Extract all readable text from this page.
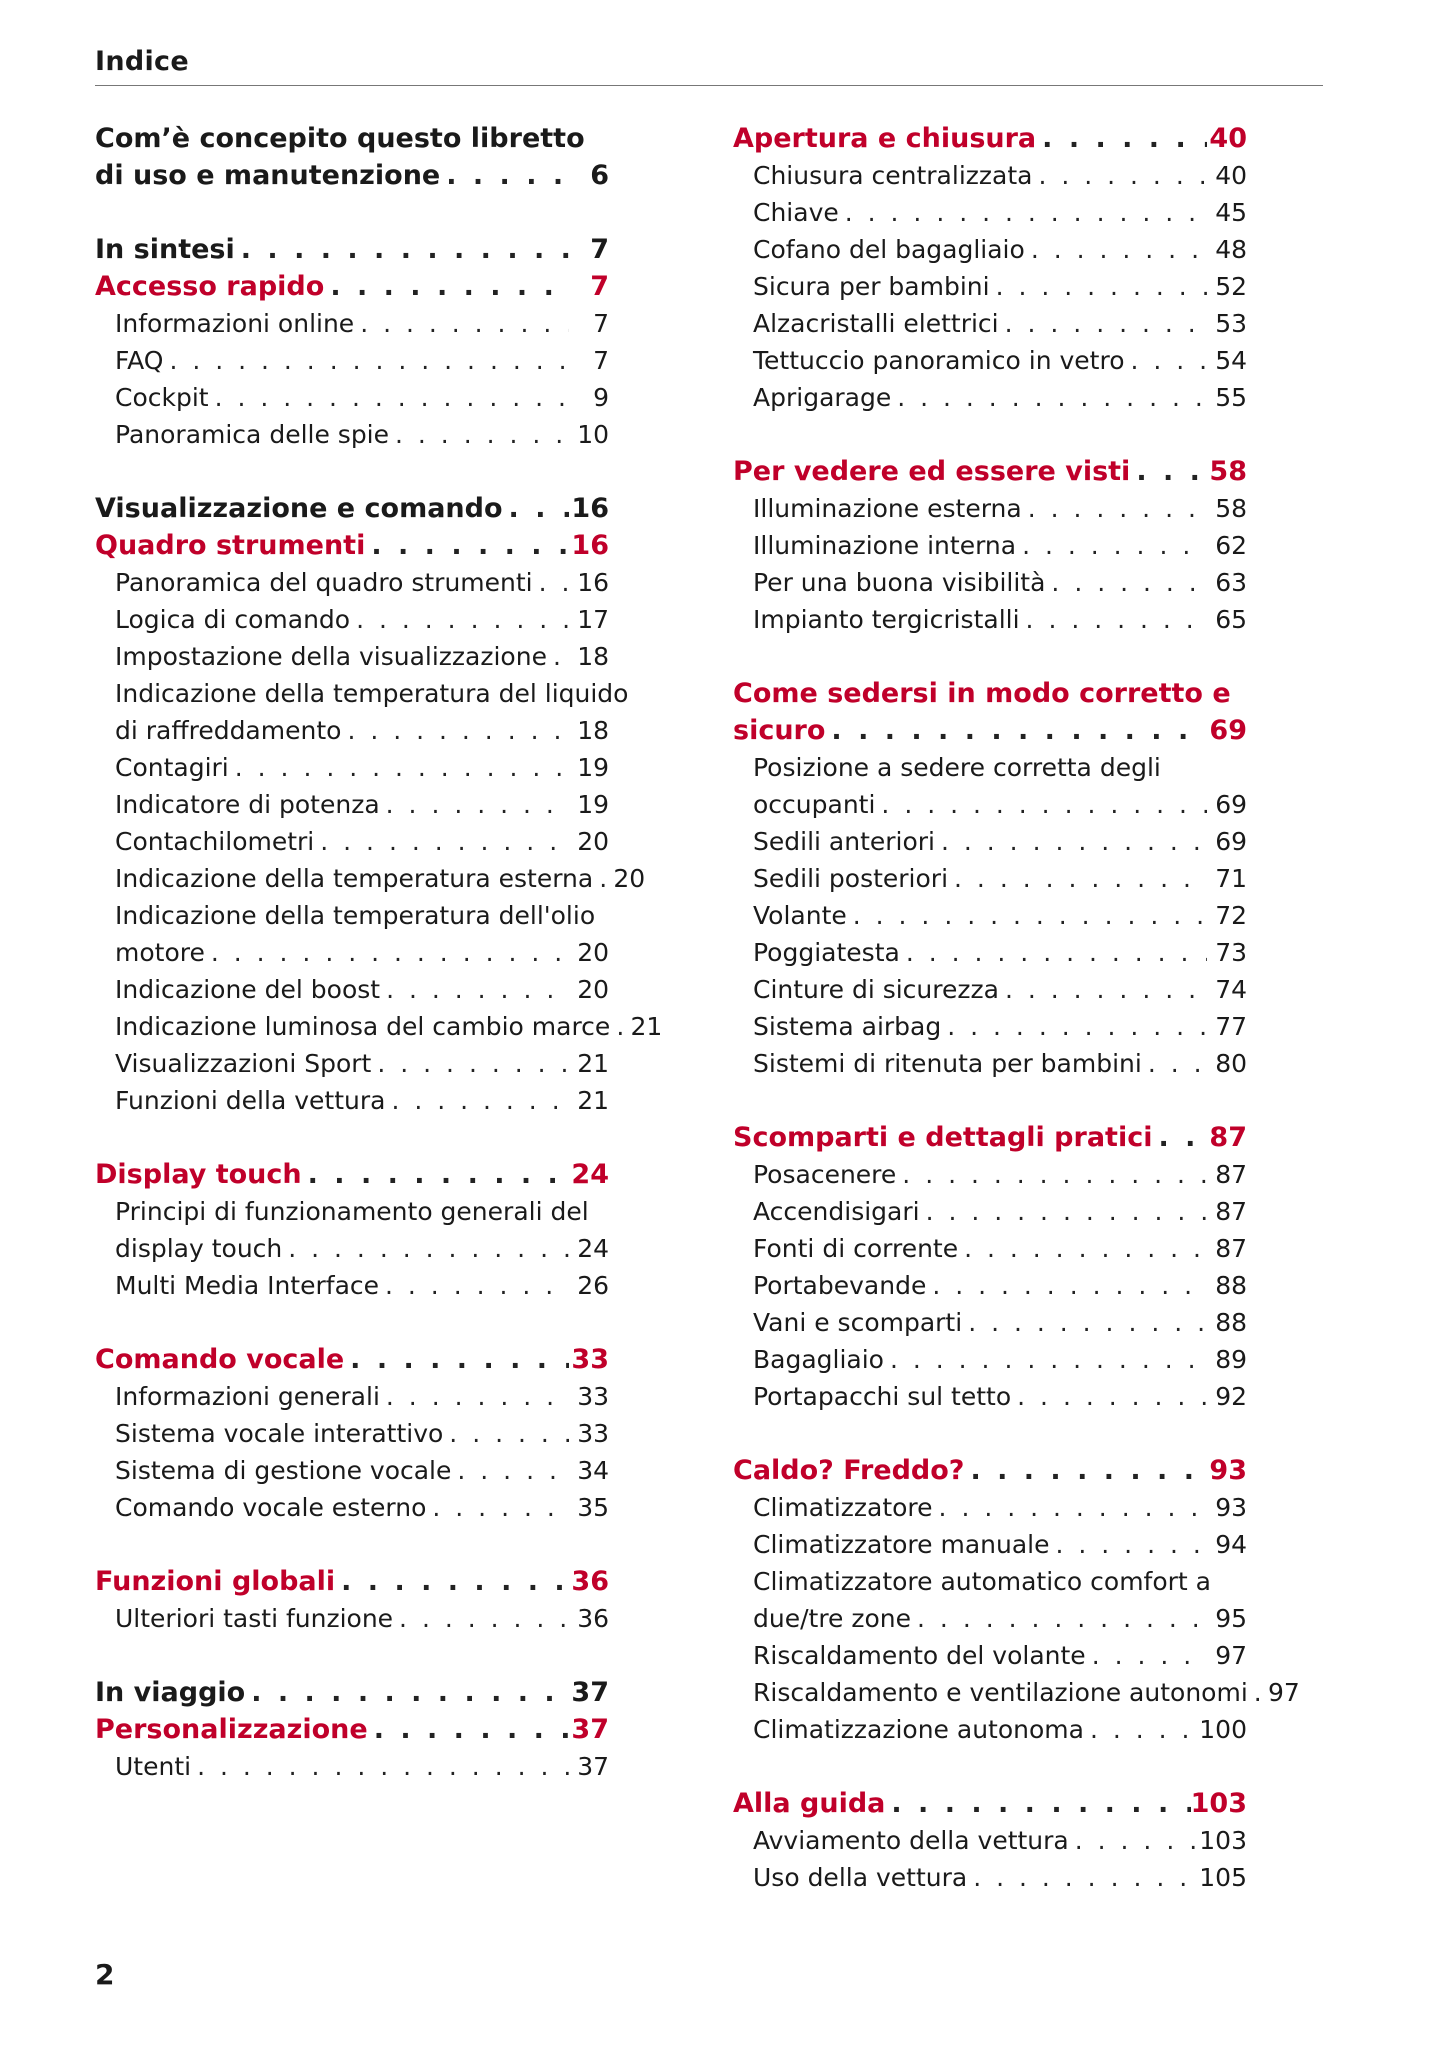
Indice
Com’è concepito questo libretto
di uso e manutenzione . . .	6
In sintesi . . .	7
Accesso rapido . . .	7
Informazioni online . . .	7
FAQ . . .	7
Cockpit . . .	9
Panoramica delle spie . . .	10
Visualizzazione e comando . . .	16
Quadro strumenti . . .	16
Panoramica del quadro strumenti . . .	16
Logica di comando . . .	17
Impostazione della visualizzazione . . .	18
Indicazione della temperatura del liquido
di raffreddamento . . .	18
Contagiri . . .	19
Indicatore di potenza . . .	19
Contachilometri . . .	20
Indicazione della temperatura esterna . . . 20
Indicazione della temperatura dell'olio
motore . . .	20
Indicazione del boost . . .	20
Indicazione luminosa del cambio marce . . . 21
Visualizzazioni Sport . . .	21
Funzioni della vettura . . .	21
Display touch . . .	24
Principi di funzionamento generali del
display touch . . .	24
Multi Media Interface . . .	26
Comando vocale . . .	33
Informazioni generali . . .	33
Sistema vocale interattivo . . .	33
Sistema di gestione vocale . . .	34
Comando vocale esterno . . .	35
Funzioni globali . . .	36
Ulteriori tasti funzione . . .	36
In viaggio . . .	37
Personalizzazione . . .	37
Utenti . . .	37
Apertura e chiusura . . .	40
Chiusura centralizzata . . .	40
Chiave . . .	45
Cofano del bagagliaio . . .	48
Sicura per bambini . . .	52
Alzacristalli elettrici . . .	53
Tettuccio panoramico in vetro . . .	54
Aprigarage . . .	55
Per vedere ed essere visti . . .	58
Illuminazione esterna . . .	58
Illuminazione interna . . .	62
Per una buona visibilità . . .	63
Impianto tergicristalli . . .	65
Come sedersi in modo corretto e
sicuro . . .	69
Posizione a sedere corretta degli
occupanti . . .	69
Sedili anteriori . . .	69
Sedili posteriori . . .	71
Volante . . .	72
Poggiatesta . . .	73
Cinture di sicurezza . . .	74
Sistema airbag . . .	77
Sistemi di ritenuta per bambini . . .	80
Scomparti e dettagli pratici . . . 87
Posacenere . . .	87
Accendisigari . . .	87
Fonti di corrente . . .	87
Portabevande . . .	88
Vani e scomparti . . .	88
Bagagliaio . . .	89
Portapacchi sul tetto . . .	92
Caldo? Freddo? . . .	93
Climatizzatore . . .	93
Climatizzatore manuale . . .	94
Climatizzatore automatico comfort a
due/tre zone . . .	95
Riscaldamento del volante . . .	97
Riscaldamento e ventilazione autonomi . . . 97
Climatizzazione autonoma . . .	100
Alla guida . . .	103
Avviamento della vettura . . .	103
Uso della vettura . . .	105
2
